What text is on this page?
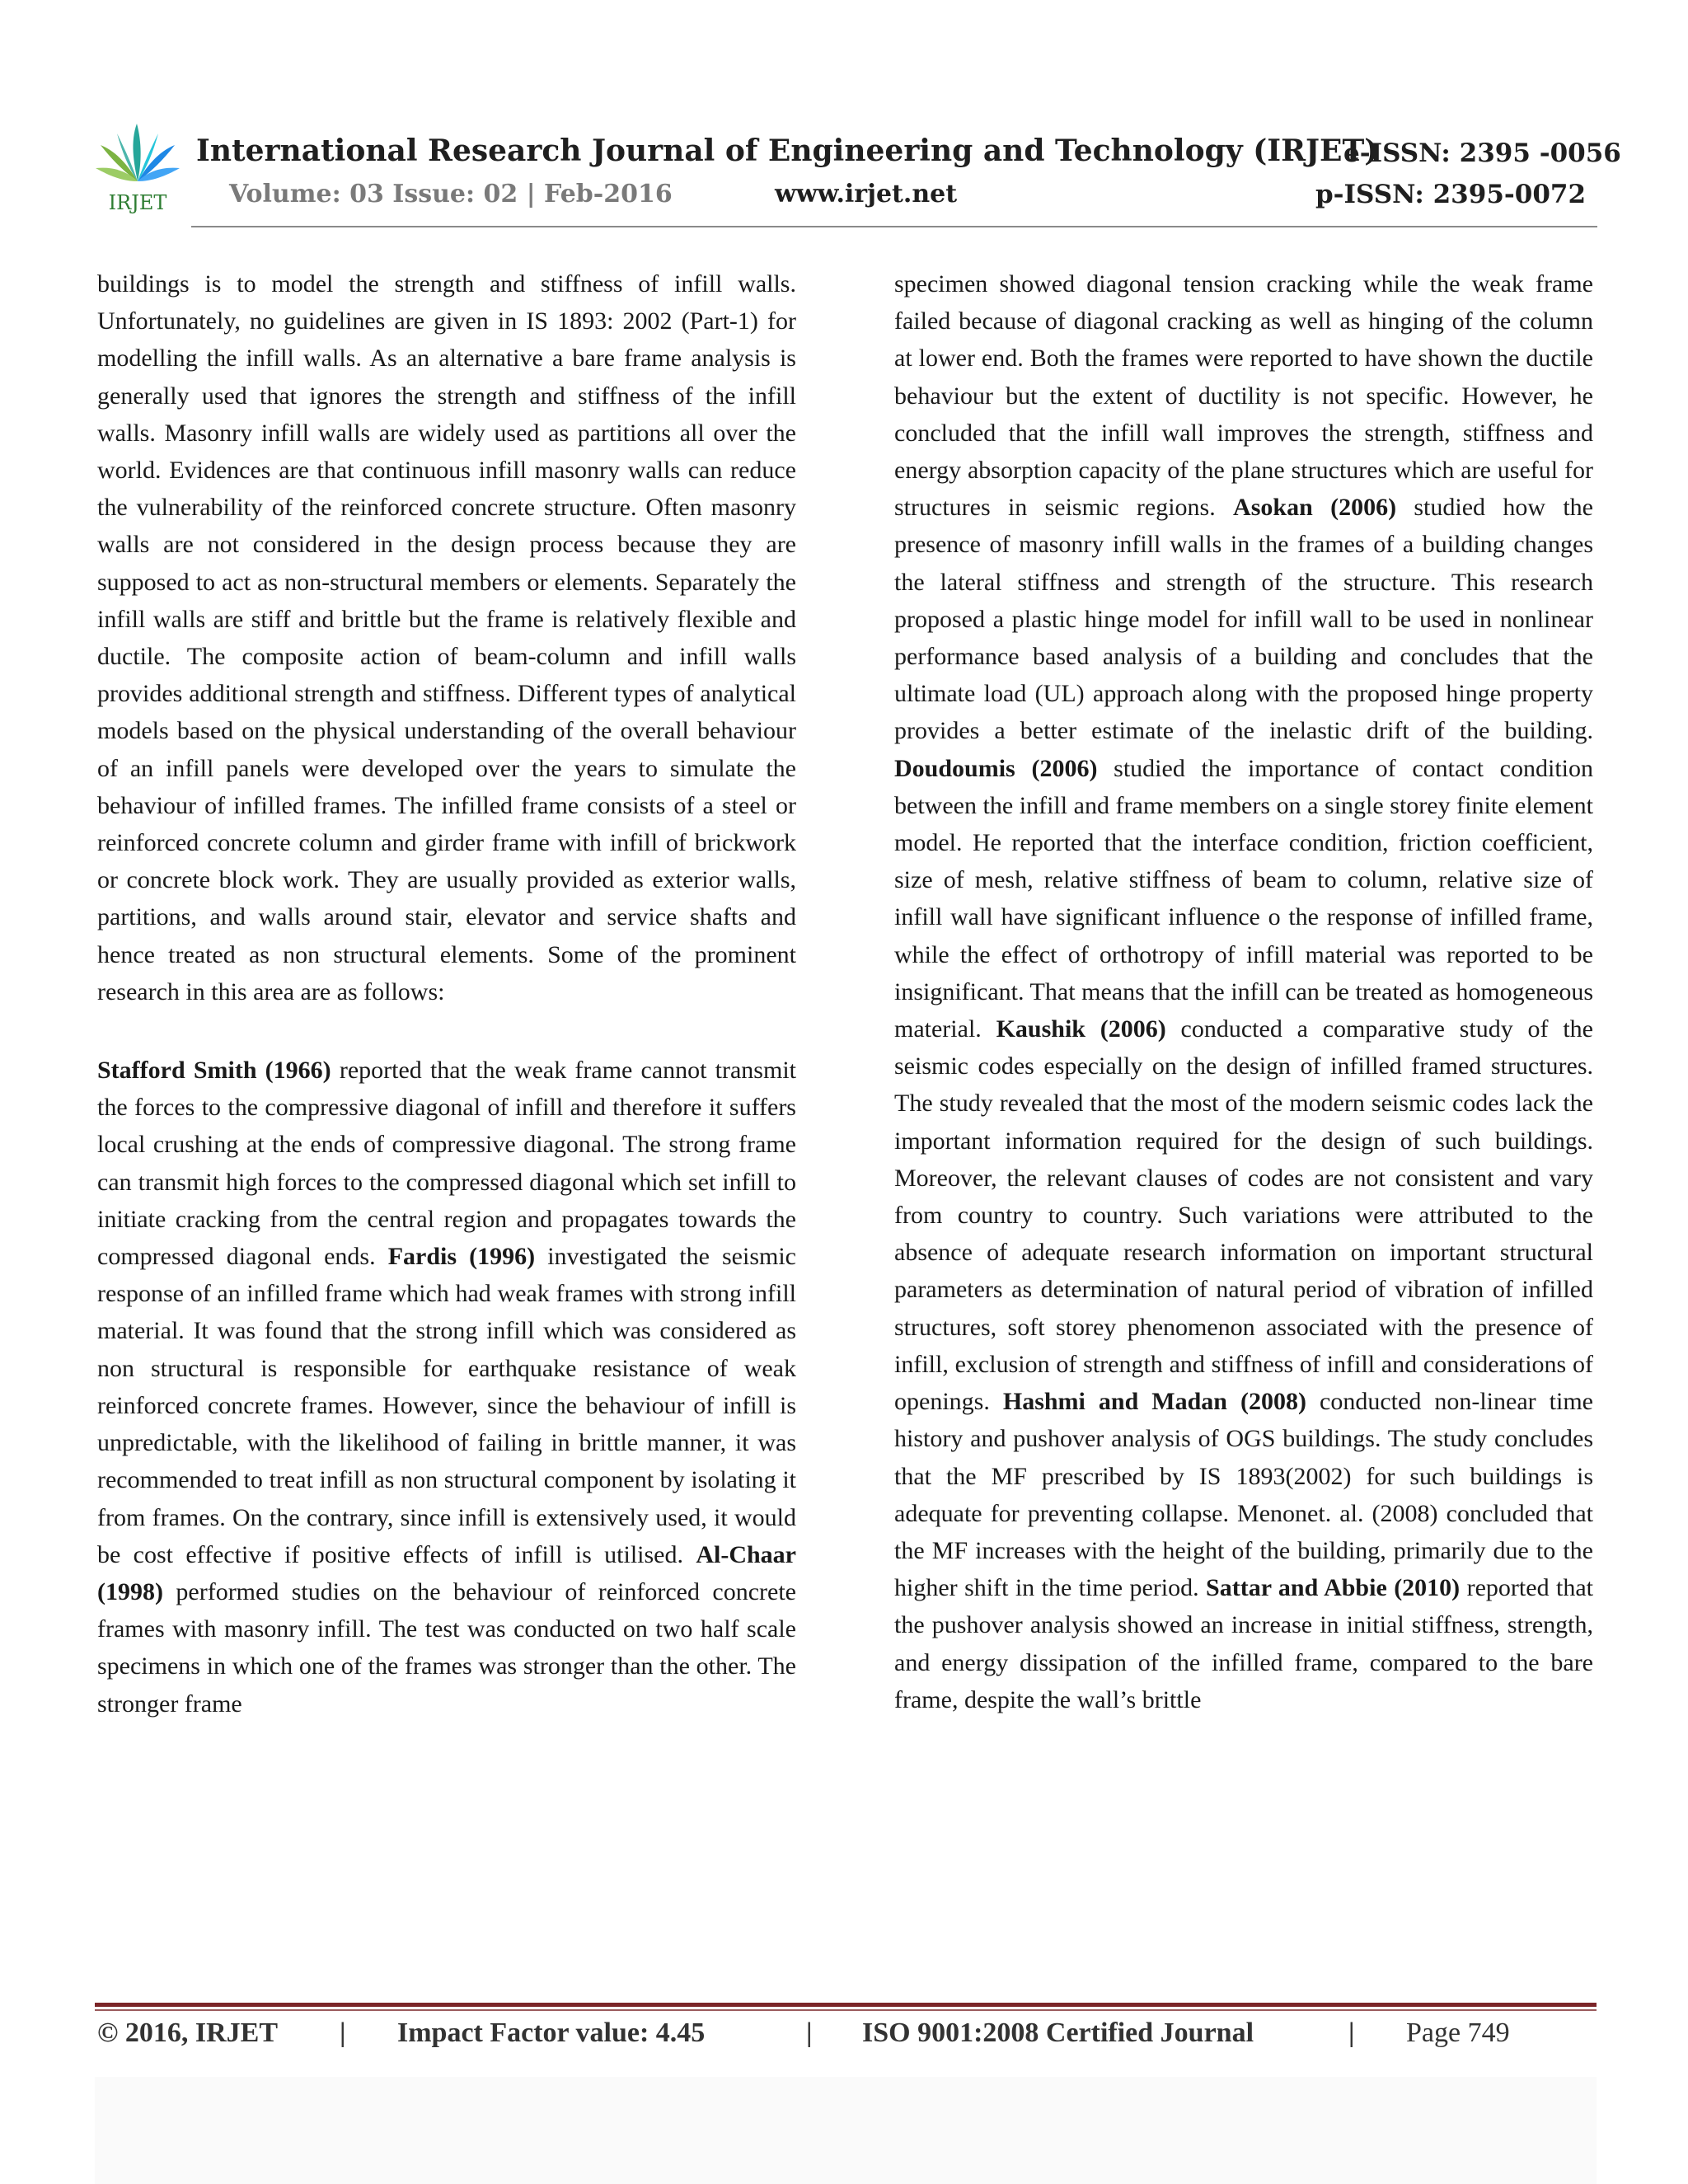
IRJET
International Research Journal of Engineering and Technology (IRJET)
e-ISSN: 2395 -0056
Volume: 03 Issue: 02 | Feb-2016	www.irjet.net	p-ISSN: 2395-0072

buildings is to model the strength and stiffness of infill walls. Unfortunately, no guidelines are given in IS 1893: 2002 (Part-1) for modelling the infill walls. As an alternative a bare frame analysis is generally used that ignores the strength and stiffness of the infill walls. Masonry infill walls are widely used as partitions all over the world. Evidences are that continuous infill masonry walls can reduce the vulnerability of the reinforced concrete structure. Often masonry walls are not considered in the design process because they are supposed to act as non-structural members or elements. Separately the infill walls are stiff and brittle but the frame is relatively flexible and ductile. The composite action of beam-column and infill walls provides additional strength and stiffness. Different types of analytical models based on the physical understanding of the overall behaviour of an infill panels were developed over the years to simulate the behaviour of infilled frames. The infilled frame consists of a steel or reinforced concrete column and girder frame with infill of brickwork or concrete block work. They are usually provided as exterior walls, partitions, and walls around stair, elevator and service shafts and hence treated as non structural elements. Some of the prominent research in this area are as follows:

Stafford Smith (1966) reported that the weak frame cannot transmit the forces to the compressive diagonal of infill and therefore it suffers local crushing at the ends of compressive diagonal. The strong frame can transmit high forces to the compressed diagonal which set infill to initiate cracking from the central region and propagates towards the compressed diagonal ends. Fardis (1996) investigated the seismic response of an infilled frame which had weak frames with strong infill material. It was found that the strong infill which was considered as non structural is responsible for earthquake resistance of weak reinforced concrete frames. However, since the behaviour of infill is unpredictable, with the likelihood of failing in brittle manner, it was recommended to treat infill as non structural component by isolating it from frames. On the contrary, since infill is extensively used, it would be cost effective if positive effects of infill is utilised. Al-Chaar (1998) performed studies on the behaviour of reinforced concrete frames with masonry infill. The test was conducted on two half scale specimens in which one of the frames was stronger than the other. The stronger frame

specimen showed diagonal tension cracking while the weak frame failed because of diagonal cracking as well as hinging of the column at lower end. Both the frames were reported to have shown the ductile behaviour but the extent of ductility is not specific. However, he concluded that the infill wall improves the strength, stiffness and energy absorption capacity of the plane structures which are useful for structures in seismic regions. Asokan (2006) studied how the presence of masonry infill walls in the frames of a building changes the lateral stiffness and strength of the structure. This research proposed a plastic hinge model for infill wall to be used in nonlinear performance based analysis of a building and concludes that the ultimate load (UL) approach along with the proposed hinge property provides a better estimate of the inelastic drift of the building. Doudoumis (2006) studied the importance of contact condition between the infill and frame members on a single storey finite element model. He reported that the interface condition, friction coefficient, size of mesh, relative stiffness of beam to column, relative size of infill wall have significant influence o the response of infilled frame, while the effect of orthotropy of infill material was reported to be insignificant. That means that the infill can be treated as homogeneous material. Kaushik (2006) conducted a comparative study of the seismic codes especially on the design of infilled framed structures. The study revealed that the most of the modern seismic codes lack the important information required for the design of such buildings. Moreover, the relevant clauses of codes are not consistent and vary from country to country. Such variations were attributed to the absence of adequate research information on important structural parameters as determination of natural period of vibration of infilled structures, soft storey phenomenon associated with the presence of infill, exclusion of strength and stiffness of infill and considerations of openings. Hashmi and Madan (2008) conducted non-linear time history and pushover analysis of OGS buildings. The study concludes that the MF prescribed by IS 1893(2002) for such buildings is adequate for preventing collapse. Menonet. al. (2008) concluded that the MF increases with the height of the building, primarily due to the higher shift in the time period. Sattar and Abbie (2010) reported that the pushover analysis showed an increase in initial stiffness, strength, and energy dissipation of the infilled frame, compared to the bare frame, despite the wall’s brittle

© 2016, IRJET | Impact Factor value: 4.45	| ISO 9001:2008 Certified Journal	| Page 749
